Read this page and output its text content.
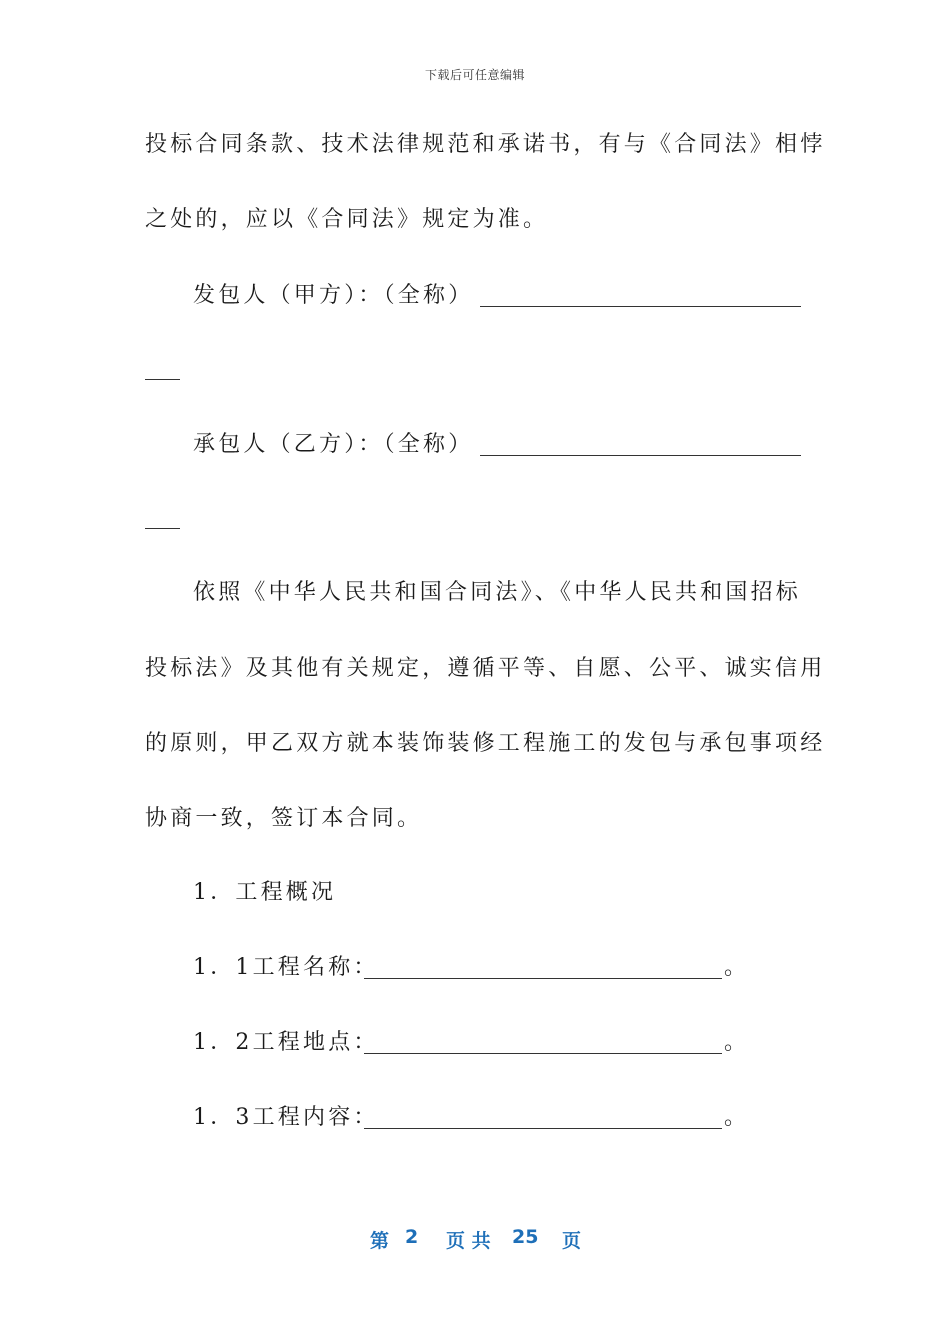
下载后可任意编辑
投标合同条款、技术法律规范和承诺书，有与《合同法》相悖
之处的，应以《合同法》规定为准。
发包人（甲方）：（全称）
承包人（乙方）：（全称）
依照《中华人民共和国合同法》、《中华人民共和国招标
投标法》及其他有关规定，遵循平等、自愿、公平、诚实信用
的原则，甲乙双方就本装饰装修工程施工的发包与承包事项经
协商一致，签订本合同。
1．工程概况
1．1工程名称：	。
1．2工程地点：	。
1．3工程内容：	。
第 2 页 共 25 页
